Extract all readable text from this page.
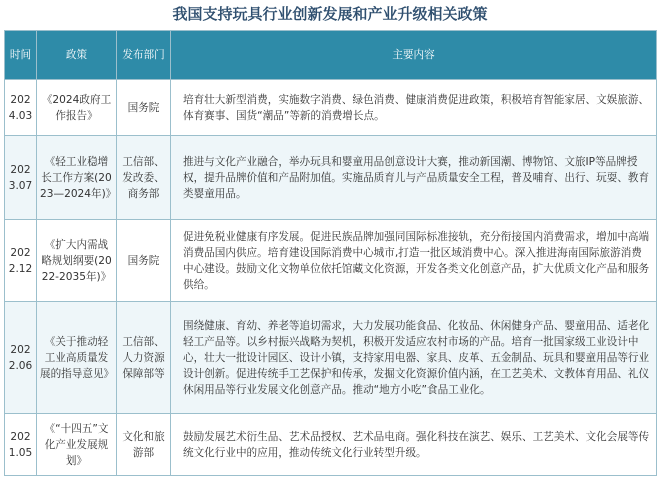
我国支持玩具行业创新发展和产业升级相关政策
时间	政策	发布部门	主要内容
2024.03	《2024政府工作报告》	国务院	培育壮大新型消费，实施数字消费、绿色消费、健康消费促进政策，积极培育智能家居、文娱旅游、体育赛事、国货“潮品”等新的消费增长点。
2023.07	《轻工业稳增长工作方案(2023—2024年)》	工信部、发改委、商务部	推进与文化产业融合，举办玩具和婴童用品创意设计大赛，推动新国潮、博物馆、文旅IP等品牌授权，提升品牌价值和产品附加值。实施品质育儿与产品质量安全工程，普及哺育、出行、玩耍、教育类婴童用品。
2022.12	《扩大内需战略规划纲要(2022-2035年)》	国务院	促进免税业健康有序发展。促进民族品牌加强同国际标准接轨，充分衔接国内消费需求，增加中高端消费品国内供应。培育建设国际消费中心城市,打造一批区域消费中心。深入推进海南国际旅游消费中心建设。鼓励文化文物单位依托馆藏文化资源，开发各类文化创意产品，扩大优质文化产品和服务供给。
2022.06	《关于推动轻工业高质量发展的指导意见》	工信部、人力资源保障部等	围绕健康、育幼、养老等追切需求，大力发展功能食品、化妆品、休闲健身产品、婴童用品、适老化轻工产品等。以乡村振兴战略为契机，积极开发适应农村市场的产品。培育一批国家级工业设计中心，壮大一批设计园区、设计小镇，支持家用电器、家具、皮革、五金制品、玩具和婴童用品等行业设计创新。促进传统手工艺保护和传承，发掘文化资源价值内涵，在工艺美术、文教体育用品、礼仪休闲用品等行业发展文化创意产品。推动“地方小吃”食品工业化。
2021.05	《“十四五”文化产业发展规划》	文化和旅游部	鼓励发展艺术衍生品、艺术品授权、艺术品电商。强化科技在演艺、娱乐、工艺美术、文化会展等传统文化行业中的应用，推动传统文化行业转型升级。
